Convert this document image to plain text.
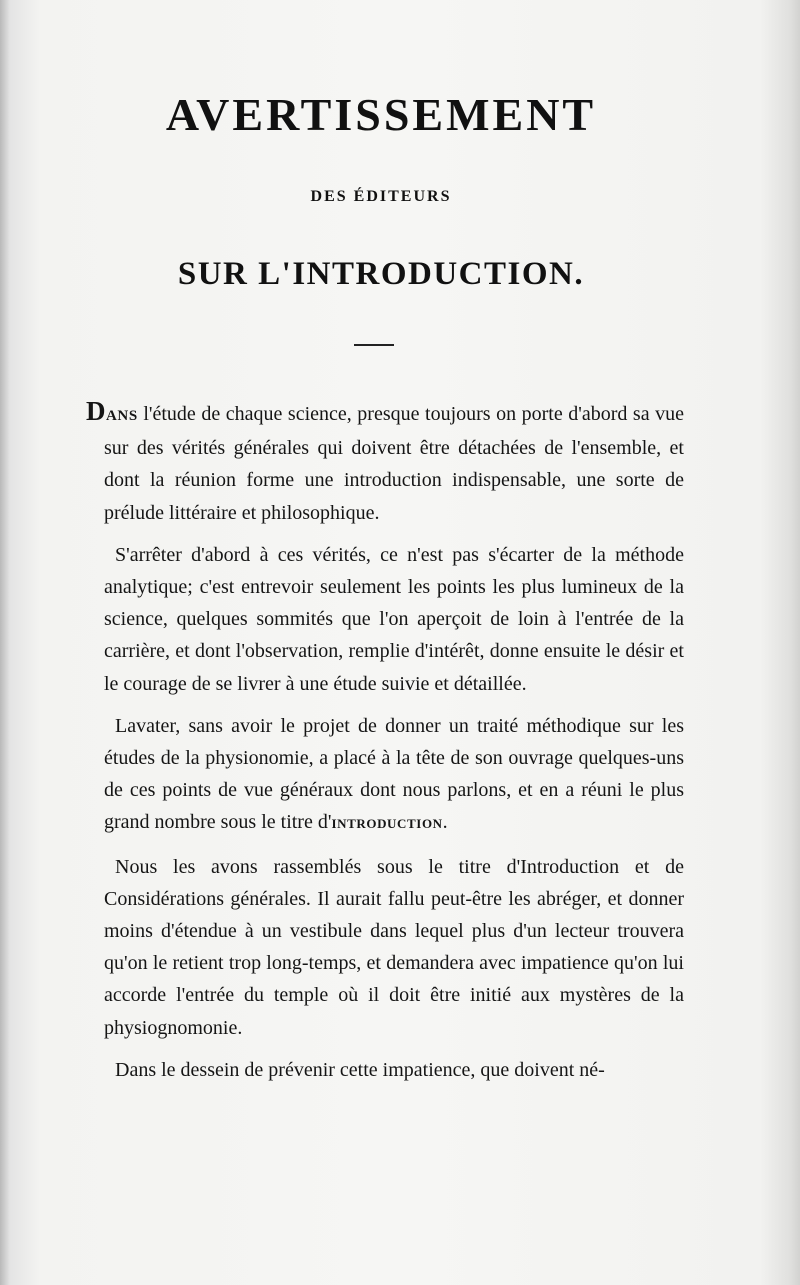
AVERTISSEMENT
DES ÉDITEURS
SUR L'INTRODUCTION.

DANS l'étude de chaque science, presque toujours on porte d'abord sa vue sur des vérités générales qui doivent être détachées de l'ensemble, et dont la réunion forme une introduction indispensable, une sorte de prélude littéraire et philosophique.

S'arrêter d'abord à ces vérités, ce n'est pas s'écarter de la méthode analytique; c'est entrevoir seulement les points les plus lumineux de la science, quelques sommités que l'on aperçoit de loin à l'entrée de la carrière, et dont l'observation, remplie d'intérêt, donne ensuite le désir et le courage de se livrer à une étude suivie et détaillée.

Lavater, sans avoir le projet de donner un traité méthodique sur les études de la physionomie, a placé à la tête de son ouvrage quelques-uns de ces points de vue généraux dont nous parlons, et en a réuni le plus grand nombre sous le titre d'INTRODUCTION.

Nous les avons rassemblés sous le titre d'Introduction et de Considérations générales. Il aurait fallu peut-être les abréger, et donner moins d'étendue à un vestibule dans lequel plus d'un lecteur trouvera qu'on le retient trop long-temps, et demandera avec impatience qu'on lui accorde l'entrée du temple où il doit être initié aux mystères de la physiognomonie.

Dans le dessein de prévenir cette impatience, que doivent né-
